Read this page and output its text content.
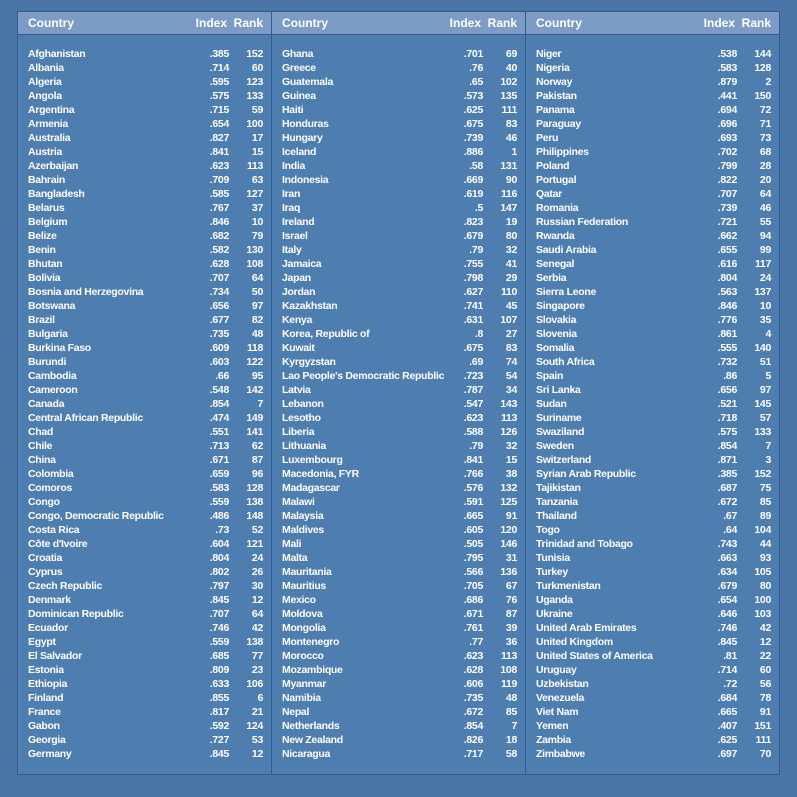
Country	Index Rank
Afghanistan	.385	152
Albania	.714	60
Algeria	.595	123
Angola	.575	133
Argentina	.715	59
Armenia	.654	100
Australia	.827	17
Austria	.841	15
Azerbaijan	.623	113
Bahrain	.709	63
Bangladesh	.585	127
Belarus	.767	37
Belgium	.846	10
Belize	.682	79
Benin	.582	130
Bhutan	.628	108
Bolivia	.707	64
Bosnia and Herzegovina	.734	50
Botswana	.656	97
Brazil	.677	82
Bulgaria	.735	48
Burkina Faso	.609	118
Burundi	.603	122
Cambodia	.66	95
Cameroon	.548	142
Canada	.854	7
Central African Republic	.474	149
Chad	.551	141
Chile	.713	62
China	.671	87
Colombia	.659	96
Comoros	.583	128
Congo	.559	138
Congo, Democratic Republic	.486	148
Costa Rica	.73	52
Côte d'Ivoire	.604	121
Croatia	.804	24
Cyprus	.802	26
Czech Republic	.797	30
Denmark	.845	12
Dominican Republic	.707	64
Ecuador	.746	42
Egypt	.559	138
El Salvador	.685	77
Estonia	.809	23
Ethiopia	.633	106
Finland	.855	6
France	.817	21
Gabon	.592	124
Georgia	.727	53
Germany	.845	12
Country	Index Rank
Ghana	.701	69
Greece	.76	40
Guatemala	.65	102
Guinea	.573	135
Haiti	.625	111
Honduras	.675	83
Hungary	.739	46
Iceland	.886	1
India	.58	131
Indonesia	.669	90
Iran	.619	116
Iraq	.5	147
Ireland	.823	19
Israel	.679	80
Italy	.79	32
Jamaica	.755	41
Japan	.798	29
Jordan	.627	110
Kazakhstan	.741	45
Kenya	.631	107
Korea, Republic of	.8	27
Kuwait	.675	83
Kyrgyzstan	.69	74
Lao People's Democratic Republic	.723	54
Latvia	.787	34
Lebanon	.547	143
Lesotho	.623	113
Liberia	.588	126
Lithuania	.79	32
Luxembourg	.841	15
Macedonia, FYR	.766	38
Madagascar	.576	132
Malawi	.591	125
Malaysia	.665	91
Maldives	.605	120
Mali	.505	146
Malta	.795	31
Mauritania	.566	136
Mauritius	.705	67
Mexico	.686	76
Moldova	.671	87
Mongolia	.761	39
Montenegro	.77	36
Morocco	.623	113
Mozambique	.628	108
Myanmar	.606	119
Namibia	.735	48
Nepal	.672	85
Netherlands	.854	7
New Zealand	.826	18
Nicaragua	.717	58
Country	Index Rank
Niger	.538	144
Nigeria	.583	128
Norway	.879	2
Pakistan	.441	150
Panama	.694	72
Paraguay	.696	71
Peru	.693	73
Philippines	.702	68
Poland	.799	28
Portugal	.822	20
Qatar	.707	64
Romania	.739	46
Russian Federation	.721	55
Rwanda	.662	94
Saudi Arabia	.655	99
Senegal	.616	117
Serbia	.804	24
Sierra Leone	.563	137
Singapore	.846	10
Slovakia	.776	35
Slovenia	.861	4
Somalia	.555	140
South Africa	.732	51
Spain	.86	5
Sri Lanka	.656	97
Sudan	.521	145
Suriname	.718	57
Swaziland	.575	133
Sweden	.854	7
Switzerland	.871	3
Syrian Arab Republic	.385	152
Tajikistan	.687	75
Tanzania	.672	85
Thailand	.67	89
Togo	.64	104
Trinidad and Tobago	.743	44
Tunisia	.663	93
Turkey	.634	105
Turkmenistan	.679	80
Uganda	.654	100
Ukraine	.646	103
United Arab Emirates	.746	42
United Kingdom	.845	12
United States of America	.81	22
Uruguay	.714	60
Uzbekistan	.72	56
Venezuela	.684	78
Viet Nam	.665	91
Yemen	.407	151
Zambia	.625	111
Zimbabwe	.697	70
